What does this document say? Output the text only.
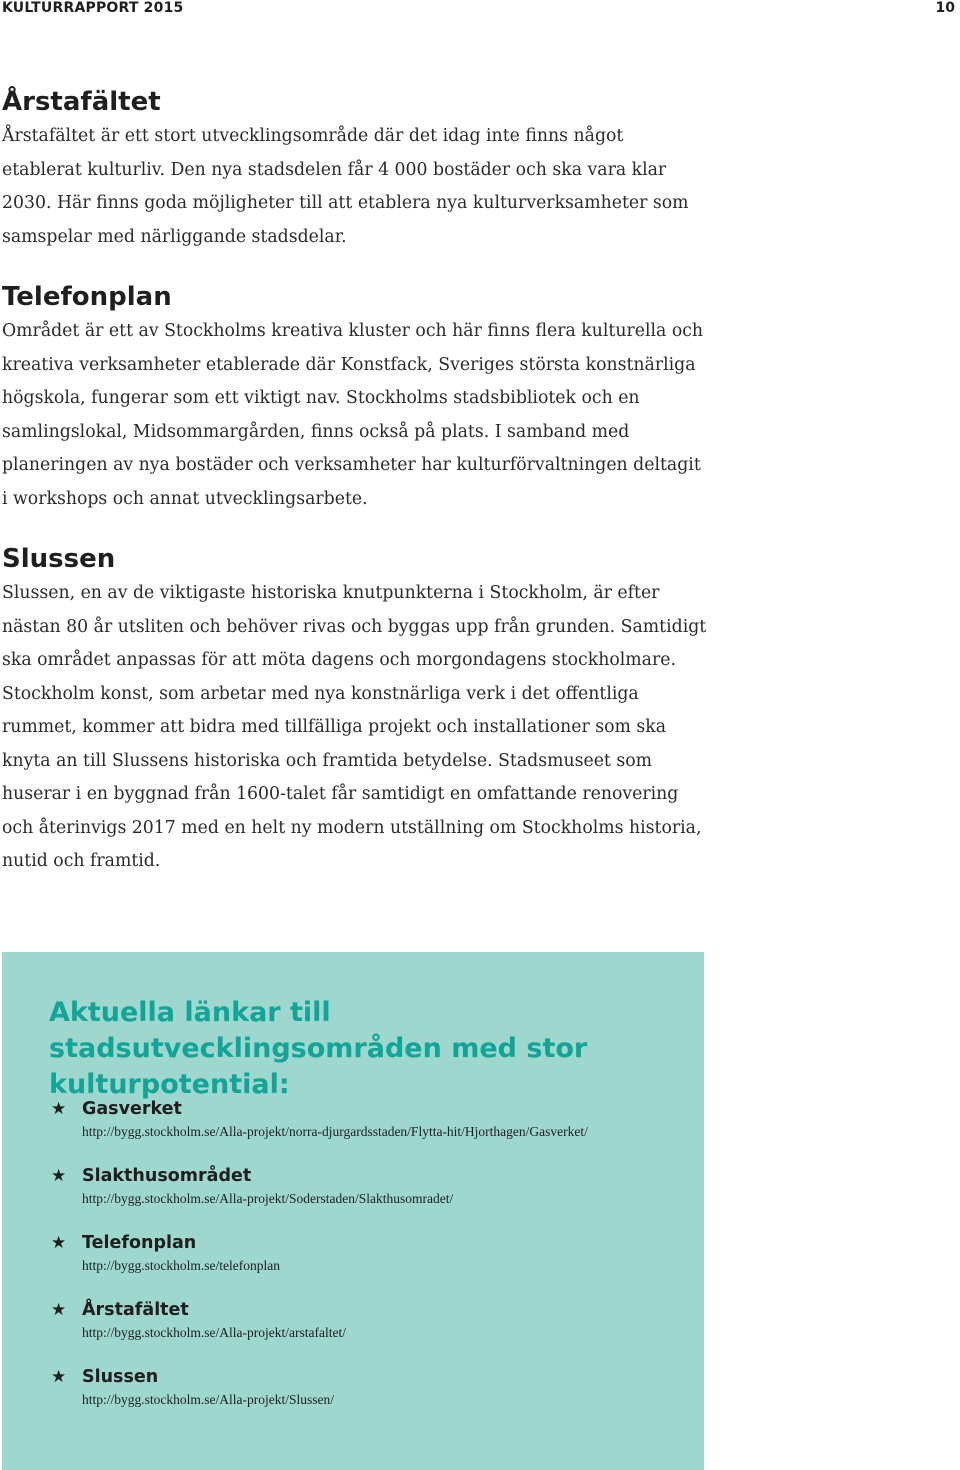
KULTURRAPPORT 2015	10
Årstafältet

Årstafältet är ett stort utvecklingsområde där det idag inte finns något etablerat kulturliv. Den nya stadsdelen får 4 000 bostäder och ska vara klar 2030. Här finns goda möjligheter till att etablera nya kulturverksamheter som samspelar med närliggande stadsdelar.

Telefonplan

Området är ett av Stockholms kreativa kluster och här finns flera kulturella och kreativa verksamheter etablerade där Konstfack, Sveriges största konstnärliga högskola, fungerar som ett viktigt nav. Stockholms stadsbibliotek och en samlingslokal, Midsommargården, finns också på plats. I samband med planeringen av nya bostäder och verksamheter har kulturförvaltningen deltagit i workshops och annat utvecklingsarbete.

Slussen

Slussen, en av de viktigaste historiska knutpunkterna i Stockholm, är efter nästan 80 år utsliten och behöver rivas och byggas upp från grunden. Samtidigt ska området anpassas för att möta dagens och morgondagens stockholmare. Stockholm konst, som arbetar med nya konstnärliga verk i det offentliga rummet, kommer att bidra med tillfälliga projekt och installationer som ska knyta an till Slussens historiska och framtida betydelse. Stadsmuseet som huserar i en byggnad från 1600-talet får samtidigt en omfattande renovering och återinvigs 2017 med en helt ny modern utställning om Stockholms historia, nutid och framtid.

Aktuella länkar till stadsutvecklingsområden med stor kulturpotential:
★ Gasverket
http://bygg.stockholm.se/Alla-projekt/norra-djurgardsstaden/Flytta-hit/Hjorthagen/Gasverket/
★ Slakthusområdet
http://bygg.stockholm.se/Alla-projekt/Soderstaden/Slakthusomradet/
★ Telefonplan
http://bygg.stockholm.se/telefonplan
★ Årstafältet
http://bygg.stockholm.se/Alla-projekt/arstafaltet/
★ Slussen
http://bygg.stockholm.se/Alla-projekt/Slussen/
